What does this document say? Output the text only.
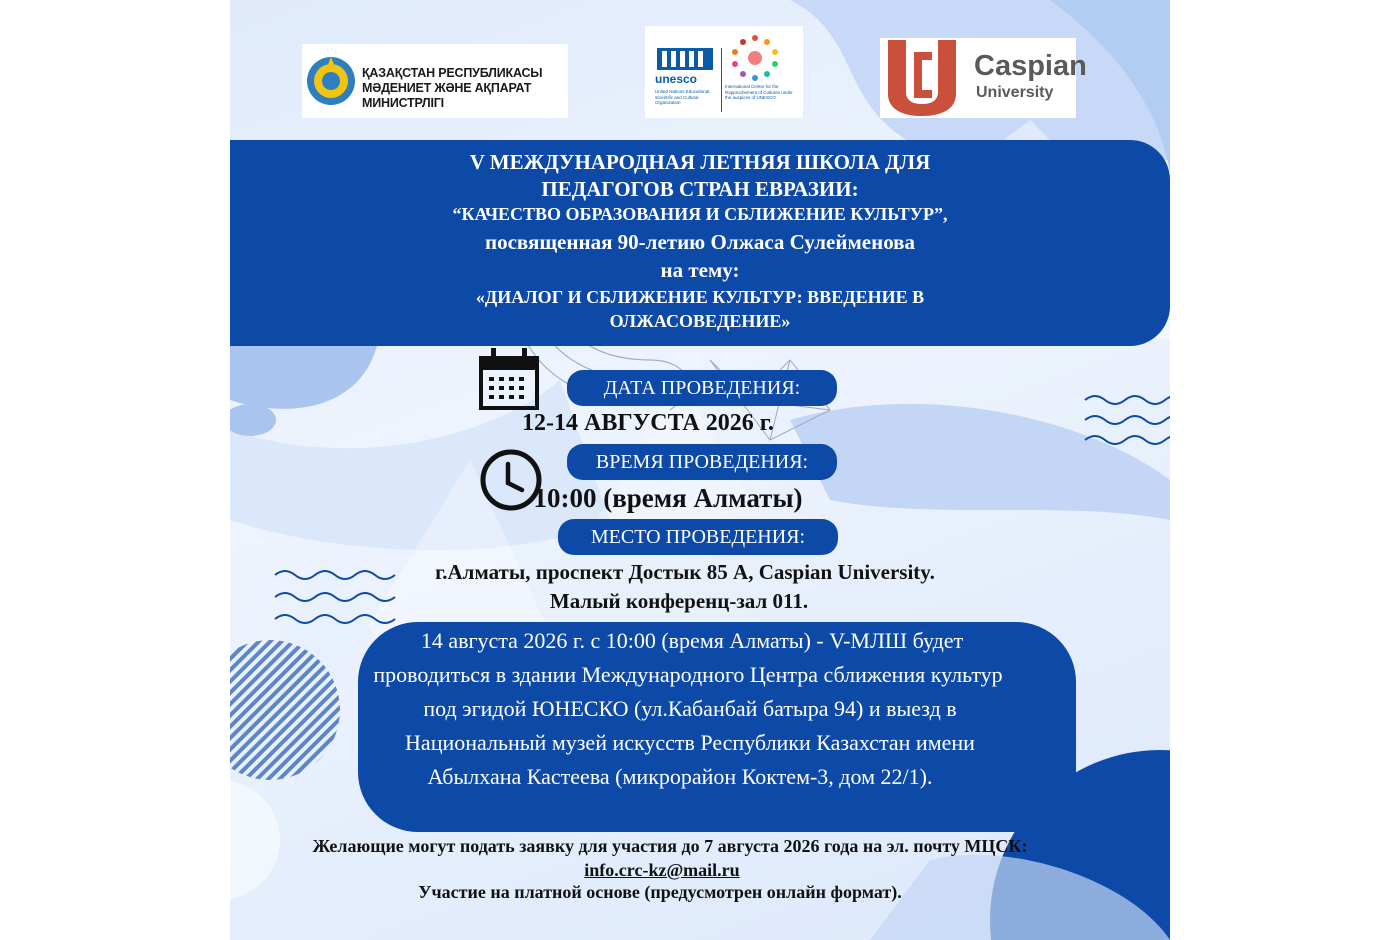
ҚАЗАҚСТАН РЕСПУБЛИКАСЫ
МӘДЕНИЕТ ЖӘНЕ АҚПАРАТ МИНИСТРЛІГІ
unesco
United Nations Educational, Scientific and Cultural Organization
International Centre for the Rapprochement of Cultures under the auspices of UNESCO
Caspian
University
V МЕЖДУНАРОДНАЯ ЛЕТНЯЯ ШКОЛА ДЛЯ
ПЕДАГОГОВ СТРАН ЕВРАЗИИ:
“КАЧЕСТВО ОБРАЗОВАНИЯ И СБЛИЖЕНИЕ КУЛЬТУР”,
посвященная 90-летию Олжаса Сулейменова
на тему:
«ДИАЛОГ И СБЛИЖЕНИЕ КУЛЬТУР: ВВЕДЕНИЕ В
ОЛЖАСОВЕДЕНИЕ»
ДАТА ПРОВЕДЕНИЯ:
12-14 АВГУСТА 2026 г.
ВРЕМЯ ПРОВЕДЕНИЯ:
10:00 (время Алматы)
МЕСТО ПРОВЕДЕНИЯ:
г.Алматы, проспект Достык 85 А, Caspian University.
Малый конференц-зал 011.
14 августа 2026 г. с 10:00 (время Алматы) - V-МЛШ будет
проводиться в здании Международного Центра сближения культур
под эгидой ЮНЕСКО (ул.Кабанбай батыра 94) и выезд в
Национальный музей искусств Республики Казахстан имени
Абылхана Кастеева (микрорайон Коктем-3, дом 22/1).
Желающие могут подать заявку для участия до 7 августа 2026 года на эл. почту МЦСК:
info.crc-kz@mail.ru
Участие на платной основе (предусмотрен онлайн формат).
